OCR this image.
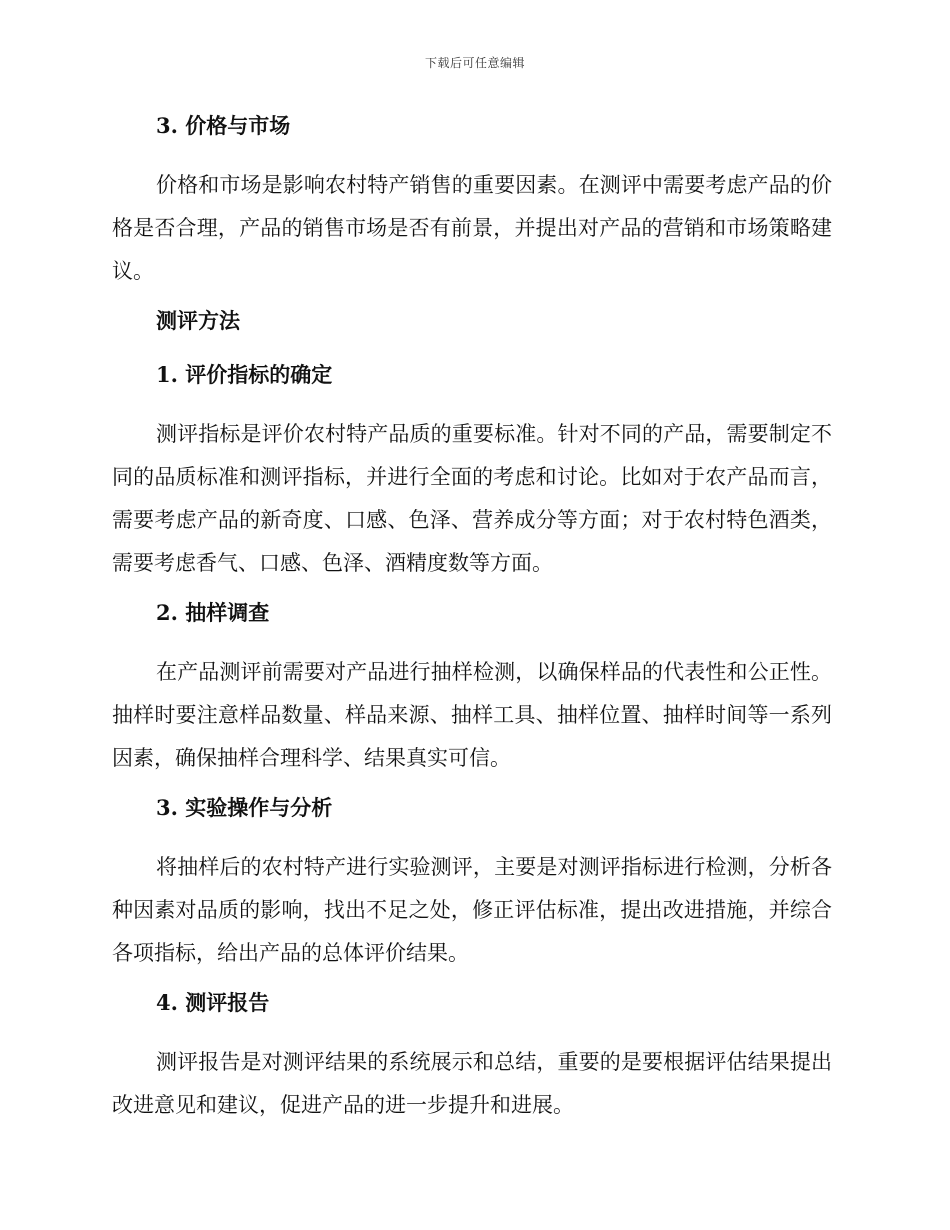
下载后可任意编辑
3. 价格与市场
价格和市场是影响农村特产销售的重要因素。在测评中需要考虑产品的价格是否合理，产品的销售市场是否有前景，并提出对产品的营销和市场策略建议。
测评方法
1. 评价指标的确定
测评指标是评价农村特产品质的重要标准。针对不同的产品，需要制定不同的品质标准和测评指标，并进行全面的考虑和讨论。比如对于农产品而言，需要考虑产品的新奇度、口感、色泽、营养成分等方面；对于农村特色酒类，需要考虑香气、口感、色泽、酒精度数等方面。
2. 抽样调查
在产品测评前需要对产品进行抽样检测，以确保样品的代表性和公正性。抽样时要注意样品数量、样品来源、抽样工具、抽样位置、抽样时间等一系列因素，确保抽样合理科学、结果真实可信。
3. 实验操作与分析
将抽样后的农村特产进行实验测评，主要是对测评指标进行检测，分析各种因素对品质的影响，找出不足之处，修正评估标准，提出改进措施，并综合各项指标，给出产品的总体评价结果。
4. 测评报告
测评报告是对测评结果的系统展示和总结，重要的是要根据评估结果提出改进意见和建议，促进产品的进一步提升和进展。
